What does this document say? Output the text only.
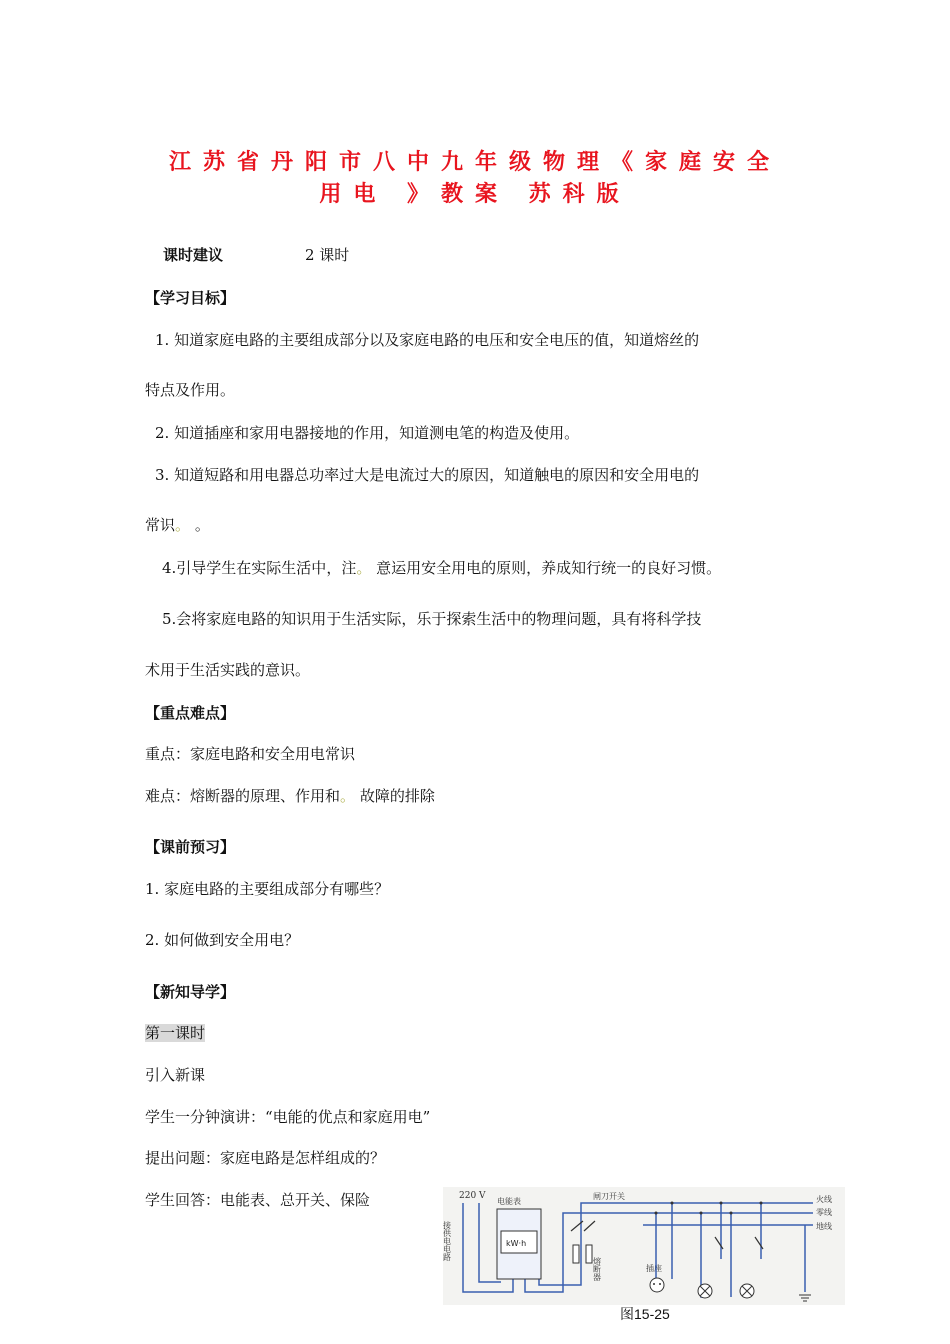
江苏省丹阳市八中九年级物理《家庭安全
用电 》教案 苏科版
课时建议	2 课时
【学习目标】
1. 知道家庭电路的主要组成部分以及家庭电路的电压和安全电压的值，知道熔丝的
特点及作用。
2. 知道插座和家用电器接地的作用，知道测电笔的构造及使用。
3. 知道短路和用电器总功率过大是电流过大的原因，知道触电的原因和安全用电的
常识。 。
4.引导学生在实际生活中，注。 意运用安全用电的原则，养成知行统一的良好习惯。
5.会将家庭电路的知识用于生活实际，乐于探索生活中的物理问题，具有将科学技
术用于生活实践的意识。
【重点难点】
重点：家庭电路和安全用电常识
难点：熔断器的原理、作用和。 故障的排除
【课前预习】
1. 家庭电路的主要组成部分有哪些？
2. 如何做到安全用电？
【新知导学】
第一课时
引入新课
学生一分钟演讲：“电能的优点和家庭用电”
提出问题：家庭电路是怎样组成的？
学生回答：电能表、总开关、保险	220 V
接供电电路
电能表
闸刀开关
熔断器	插座
火线
零线
地线
kW·h
图15-25
